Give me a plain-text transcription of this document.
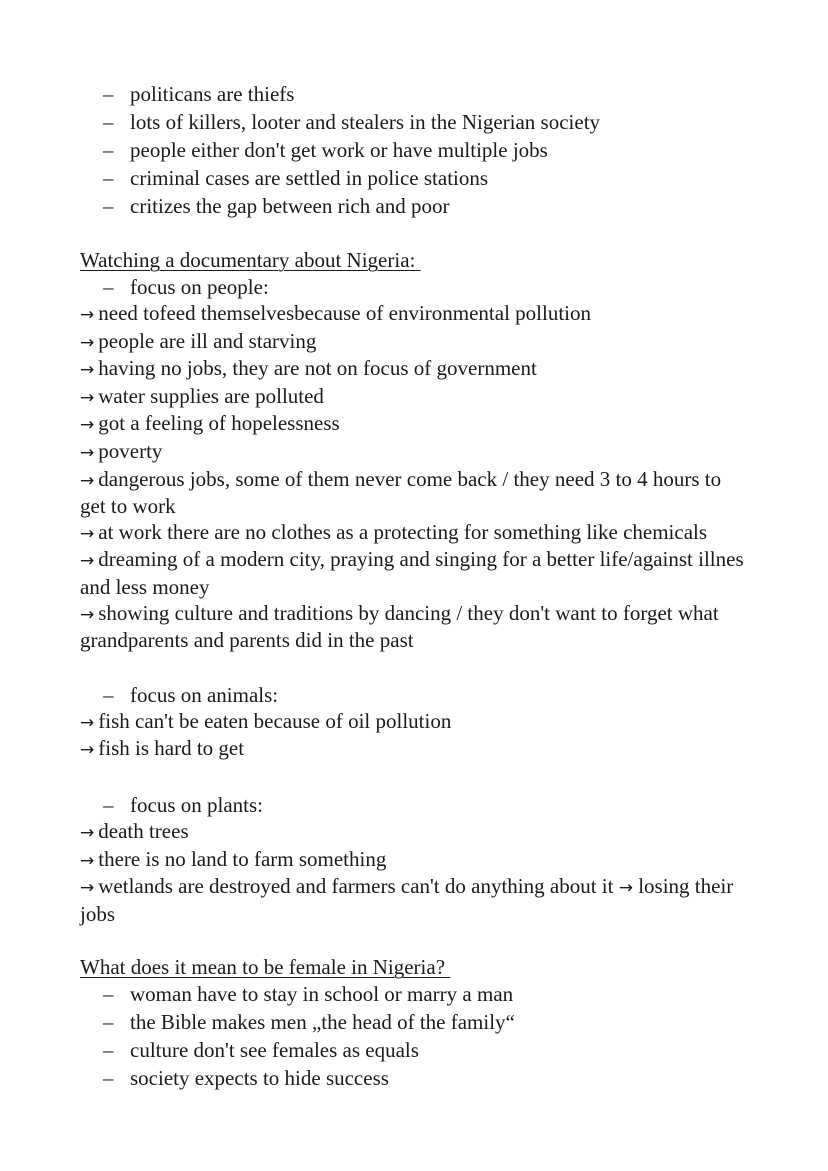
– politicans are thiefs
– lots of killers, looter and stealers in the Nigerian society
– people either don't get work or have multiple jobs
– criminal cases are settled in police stations
– critizes the gap between rich and poor
Watching a documentary about Nigeria:
– focus on people:

→ need tofeed themselvesbecause of environmental pollution

→ people are ill and starving

→ having no jobs, they are not on focus of government

→ water supplies are polluted

→ got a feeling of hopelessness

→ poverty

→ dangerous jobs, some of them never come back / they need 3 to 4 hours to get to work

→ at work there are no clothes as a protecting for something like chemicals

→ dreaming of a modern city, praying and singing for a better life/against illnes and less money

→ showing culture and traditions by dancing / they don't want to forget what grandparents and parents did in the past

– focus on animals:

→ fish can't be eaten because of oil pollution

→ fish is hard to get

– focus on plants:

→ death trees

→ there is no land to farm something

→ wetlands are destroyed and farmers can't do anything about it → losing their jobs

What does it mean to be female in Nigeria?
– woman have to stay in school or marry a man
– the Bible makes men „the head of the family“
– culture don't see females as equals
– society expects to hide success
